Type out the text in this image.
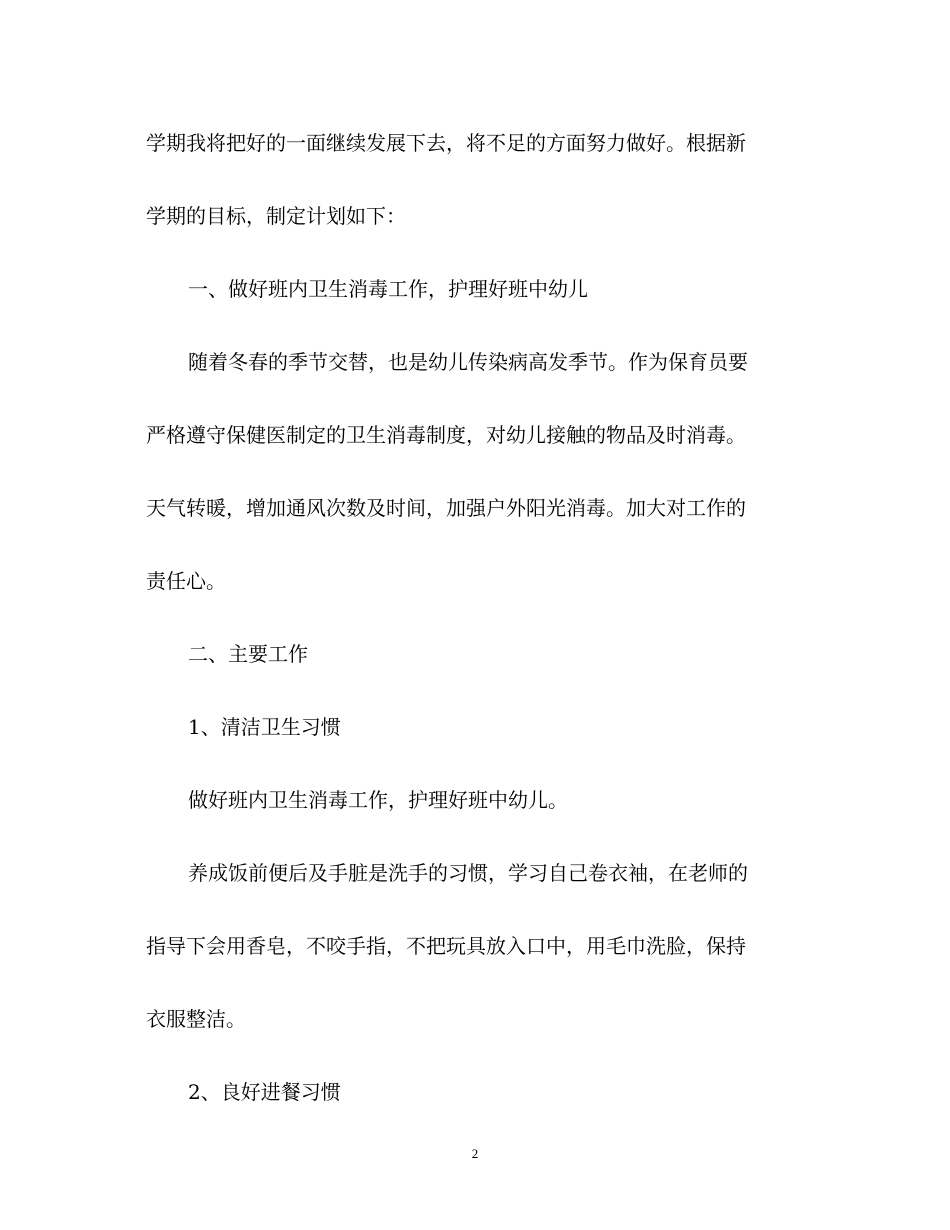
学期我将把好的一面继续发展下去，将不足的方面努力做好。根据新
学期的目标，制定计划如下：
一、做好班内卫生消毒工作，护理好班中幼儿
随着冬春的季节交替，也是幼儿传染病高发季节。作为保育员要
严格遵守保健医制定的卫生消毒制度，对幼儿接触的物品及时消毒。
天气转暖，增加通风次数及时间，加强户外阳光消毒。加大对工作的
责任心。
二、主要工作
1、清洁卫生习惯
做好班内卫生消毒工作，护理好班中幼儿。
养成饭前便后及手脏是洗手的习惯，学习自己卷衣袖，在老师的
指导下会用香皂，不咬手指，不把玩具放入口中，用毛巾洗脸，保持
衣服整洁。
2、良好进餐习惯
2
